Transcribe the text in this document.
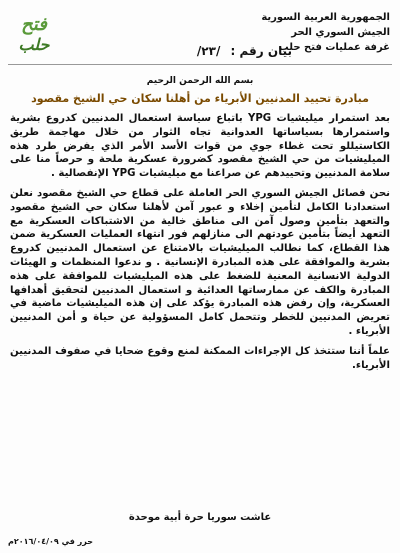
فتح
حلب
الجمهورية العربية السورية
الجيش السوري الحر
غرفة عمليات فتح حلب
بيان رقم : /٢٣/
بسم الله الرحمن الرحيم
مبادرة تحييد المدنيين الأبرياء من أهلنا سكان حي الشيخ مقصود

بعد استمرار ميليشيات YPG باتباع سياسة استعمال المدنيين كدروع بشرية واستمرارها بسياساتها العدوانية تجاه الثوار من خلال مهاجمة طريق الكاستيللو تحت غطاء جوي من قوات الأسد الأمر الذي يفرض طرد هذه الميليشيات من حي الشيخ مقصود كضرورة عسكرية ملحة و حرصاً منا على سلامة المدنيين وتحييدهم عن صراعنا مع ميليشيات YPG الإنفصالية .

نحن فصائل الجيش السوري الحر العاملة على قطاع حي الشيخ مقصود نعلن استعدادنا الكامل لتأمين إخلاء و عبور آمن لأهلنا سكان حي الشيخ مقصود والتعهد بتأمين وصول آمن الى مناطق خالية من الاشتباكات العسكرية مع التعهد أيضاً بتأمين عودتهم الى منازلهم فور انتهاء العمليات العسكرية ضمن هذا القطاع، كما نطالب الميليشيات بالامتناع عن استعمال المدنيين كدروع بشرية والموافقة على هذه المبادرة الإنسانية . و ندعوا المنظمات و الهيئات الدولية الانسانية المعنية للضغط على هذه الميليشيات للموافقة على هذه المبادرة والكف عن ممارساتها العدائية و استعمال المدنيين لتحقيق أهدافها العسكرية، وإن رفض هذه المبادرة يؤكد على إن هذه الميليشيات ماضية في تعريض المدنيين للخطر وتتحمل كامل المسؤولية عن حياة و أمن المدنيين الأبرياء .

علماً أننا ستتخذ كل الإجراءات الممكنة لمنع وقوع ضحايا في صفوف المدنيين الأبرياء.

عاشت سوريا حرة أبية موحدة
حرر في ٢٠١٦/٠٤/٠٩م
